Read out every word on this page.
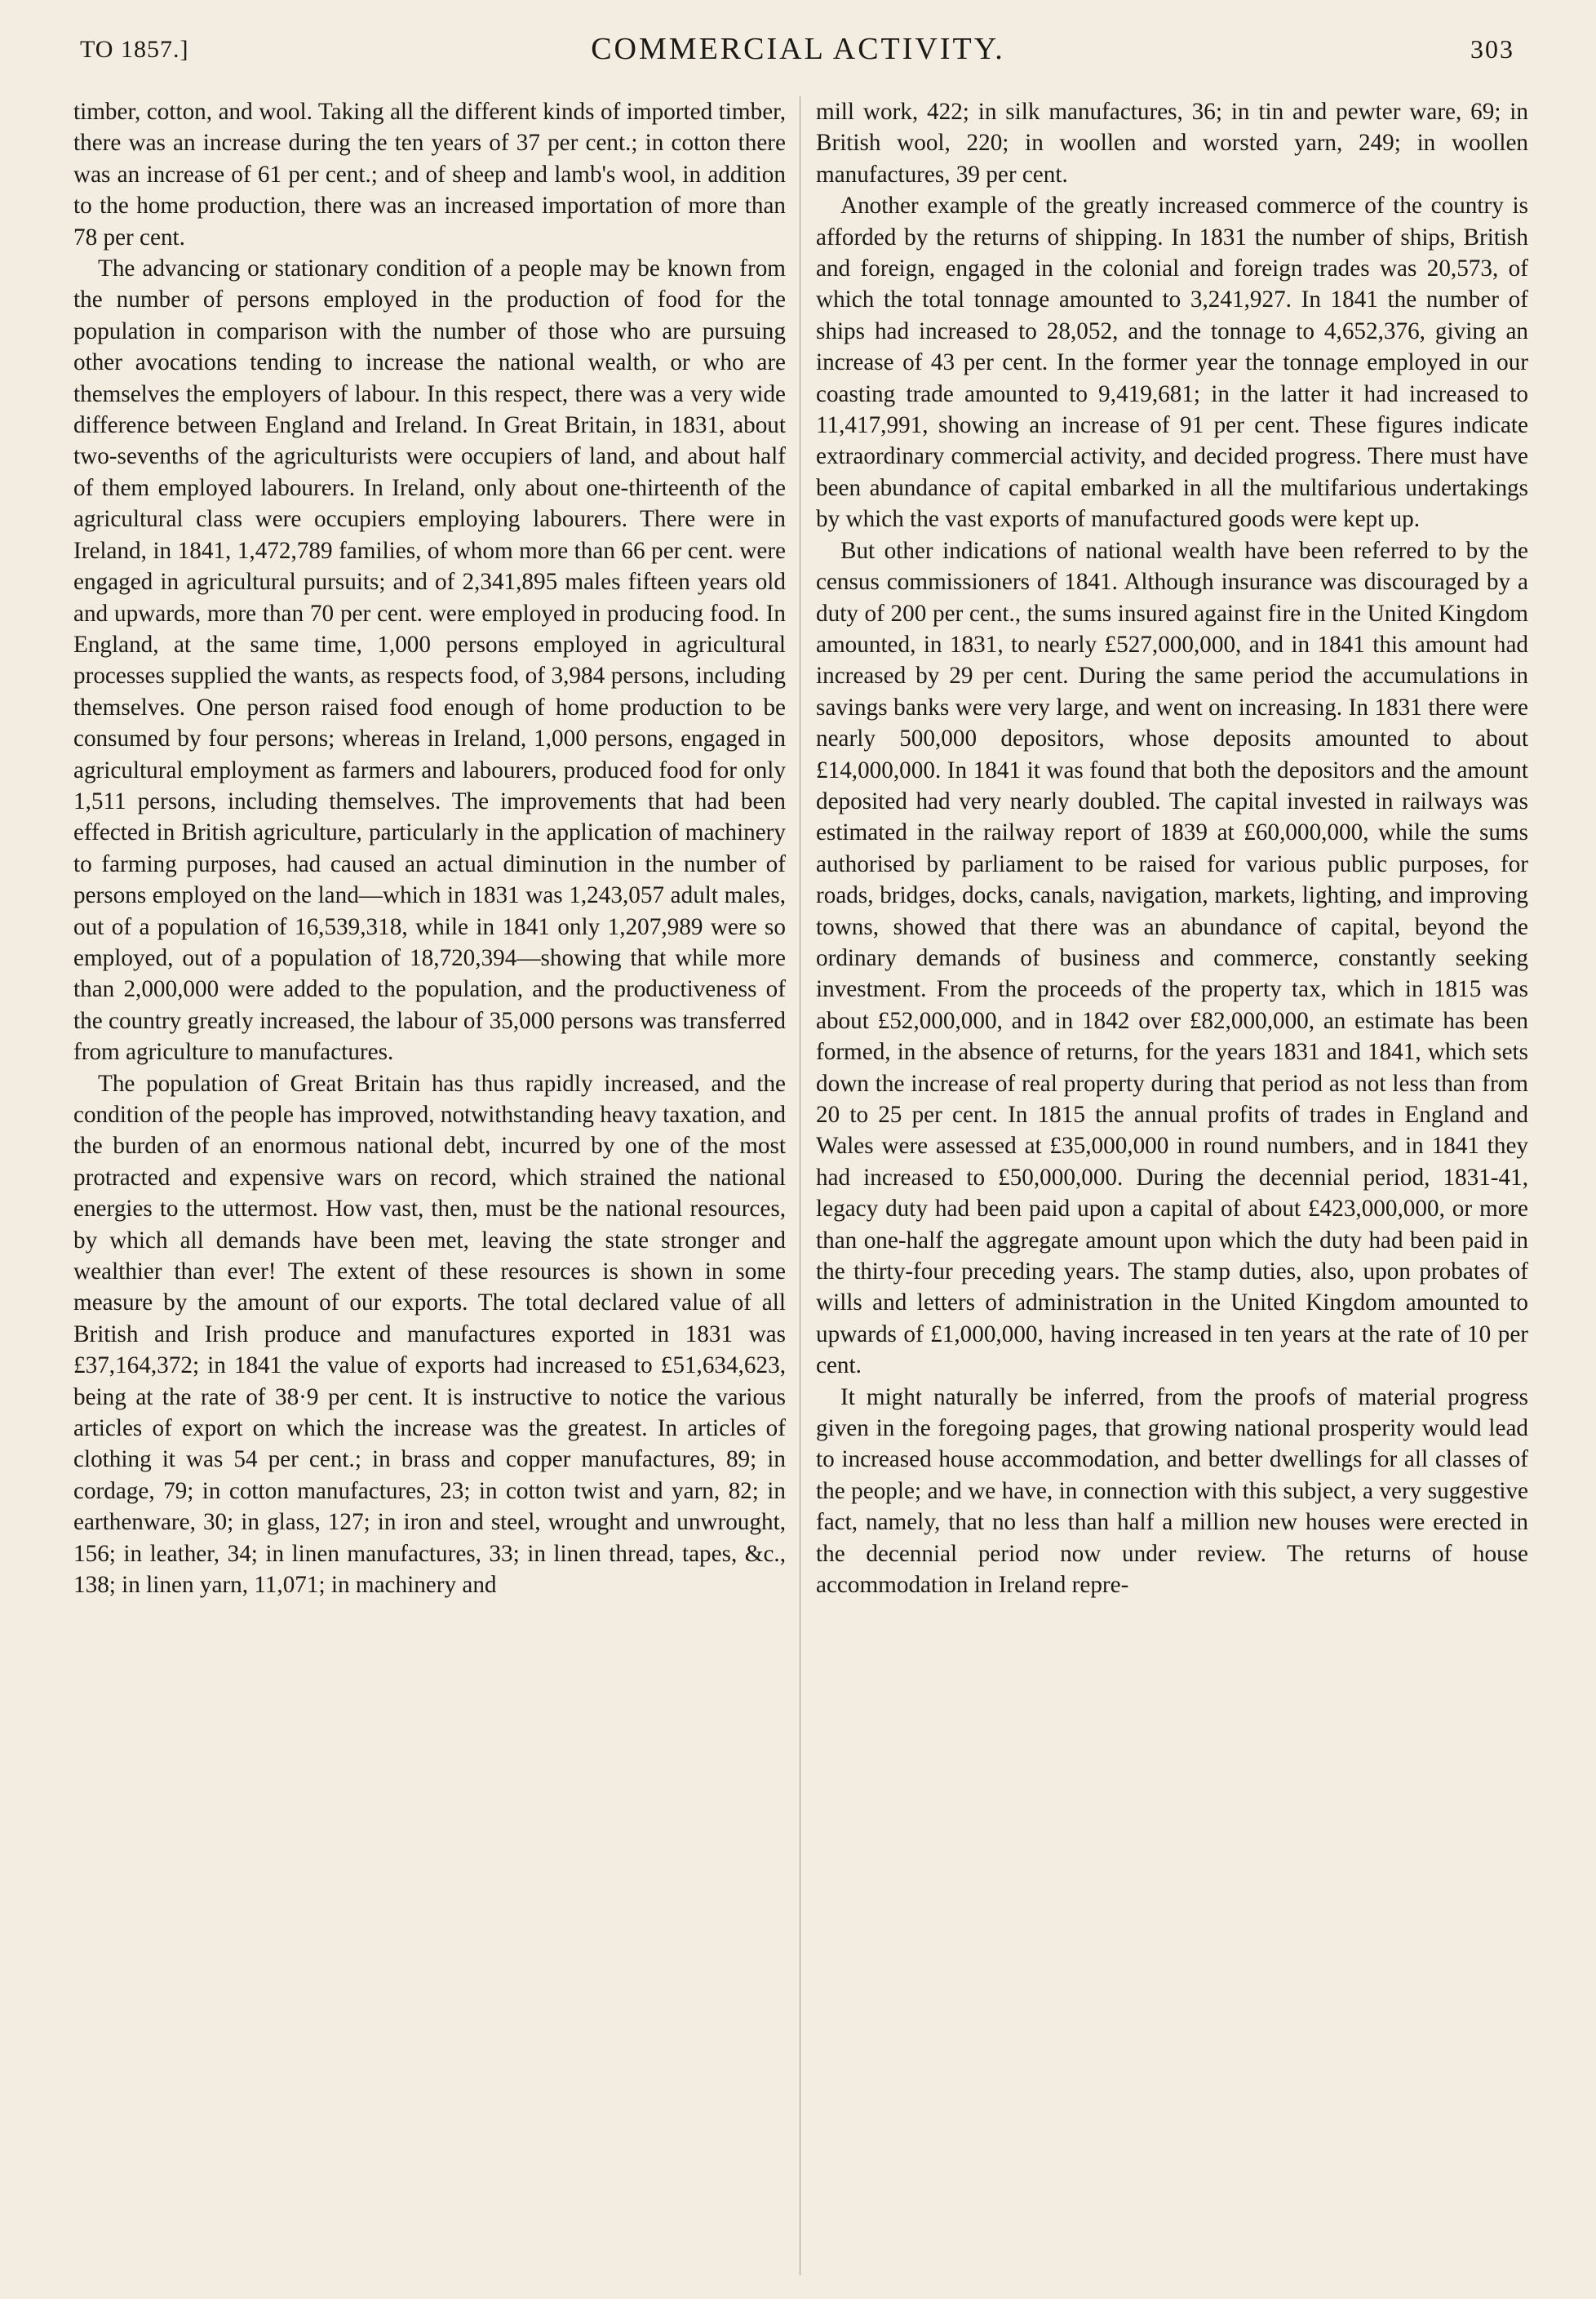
TO 1857.]	COMMERCIAL ACTIVITY.	303

timber, cotton, and wool. Taking all the different kinds of imported timber, there was an increase during the ten years of 37 per cent.; in cotton there was an increase of 61 per cent.; and of sheep and lamb's wool, in addition to the home production, there was an increased importation of more than 78 per cent.

The advancing or stationary condition of a people may be known from the number of persons employed in the production of food for the population in comparison with the number of those who are pursuing other avocations tending to increase the national wealth, or who are themselves the employers of labour. In this respect, there was a very wide difference between England and Ireland. In Great Britain, in 1831, about two-sevenths of the agriculturists were occupiers of land, and about half of them employed labourers. In Ireland, only about one-thirteenth of the agricultural class were occupiers employing labourers. There were in Ireland, in 1841, 1,472,789 families, of whom more than 66 per cent. were engaged in agricultural pursuits; and of 2,341,895 males fifteen years old and upwards, more than 70 per cent. were employed in producing food. In England, at the same time, 1,000 persons employed in agricultural processes supplied the wants, as respects food, of 3,984 persons, including themselves. One person raised food enough of home production to be consumed by four persons; whereas in Ireland, 1,000 persons, engaged in agricultural employment as farmers and labourers, produced food for only 1,511 persons, including themselves. The improvements that had been effected in British agriculture, particularly in the application of machinery to farming purposes, had caused an actual diminution in the number of persons employed on the land—which in 1831 was 1,243,057 adult males, out of a population of 16,539,318, while in 1841 only 1,207,989 were so employed, out of a population of 18,720,394—showing that while more than 2,000,000 were added to the population, and the productiveness of the country greatly increased, the labour of 35,000 persons was transferred from agriculture to manufactures.

The population of Great Britain has thus rapidly increased, and the condition of the people has improved, notwithstanding heavy taxation, and the burden of an enormous national debt, incurred by one of the most protracted and expensive wars on record, which strained the national energies to the uttermost. How vast, then, must be the national resources, by which all demands have been met, leaving the state stronger and wealthier than ever! The extent of these resources is shown in some measure by the amount of our exports. The total declared value of all British and Irish produce and manufactures exported in 1831 was £37,164,372; in 1841 the value of exports had increased to £51,634,623, being at the rate of 38·9 per cent. It is instructive to notice the various articles of export on which the increase was the greatest. In articles of clothing it was 54 per cent.; in brass and copper manufactures, 89; in cordage, 79; in cotton manufactures, 23; in cotton twist and yarn, 82; in earthenware, 30; in glass, 127; in iron and steel, wrought and unwrought, 156; in leather, 34; in linen manufactures, 33; in linen thread, tapes, &c., 138; in linen yarn, 11,071; in machinery and

mill work, 422; in silk manufactures, 36; in tin and pewter ware, 69; in British wool, 220; in woollen and worsted yarn, 249; in woollen manufactures, 39 per cent.

Another example of the greatly increased commerce of the country is afforded by the returns of shipping. In 1831 the number of ships, British and foreign, engaged in the colonial and foreign trades was 20,573, of which the total tonnage amounted to 3,241,927. In 1841 the number of ships had increased to 28,052, and the tonnage to 4,652,376, giving an increase of 43 per cent. In the former year the tonnage employed in our coasting trade amounted to 9,419,681; in the latter it had increased to 11,417,991, showing an increase of 91 per cent. These figures indicate extraordinary commercial activity, and decided progress. There must have been abundance of capital embarked in all the multifarious undertakings by which the vast exports of manufactured goods were kept up.

But other indications of national wealth have been referred to by the census commissioners of 1841. Although insurance was discouraged by a duty of 200 per cent., the sums insured against fire in the United Kingdom amounted, in 1831, to nearly £527,000,000, and in 1841 this amount had increased by 29 per cent. During the same period the accumulations in savings banks were very large, and went on increasing. In 1831 there were nearly 500,000 depositors, whose deposits amounted to about £14,000,000. In 1841 it was found that both the depositors and the amount deposited had very nearly doubled. The capital invested in railways was estimated in the railway report of 1839 at £60,000,000, while the sums authorised by parliament to be raised for various public purposes, for roads, bridges, docks, canals, navigation, markets, lighting, and improving towns, showed that there was an abundance of capital, beyond the ordinary demands of business and commerce, constantly seeking investment. From the proceeds of the property tax, which in 1815 was about £52,000,000, and in 1842 over £82,000,000, an estimate has been formed, in the absence of returns, for the years 1831 and 1841, which sets down the increase of real property during that period as not less than from 20 to 25 per cent. In 1815 the annual profits of trades in England and Wales were assessed at £35,000,000 in round numbers, and in 1841 they had increased to £50,000,000. During the decennial period, 1831-41, legacy duty had been paid upon a capital of about £423,000,000, or more than one-half the aggregate amount upon which the duty had been paid in the thirty-four preceding years. The stamp duties, also, upon probates of wills and letters of administration in the United Kingdom amounted to upwards of £1,000,000, having increased in ten years at the rate of 10 per cent.

It might naturally be inferred, from the proofs of material progress given in the foregoing pages, that growing national prosperity would lead to increased house accommodation, and better dwellings for all classes of the people; and we have, in connection with this subject, a very suggestive fact, namely, that no less than half a million new houses were erected in the decennial period now under review. The returns of house accommodation in Ireland repre-
